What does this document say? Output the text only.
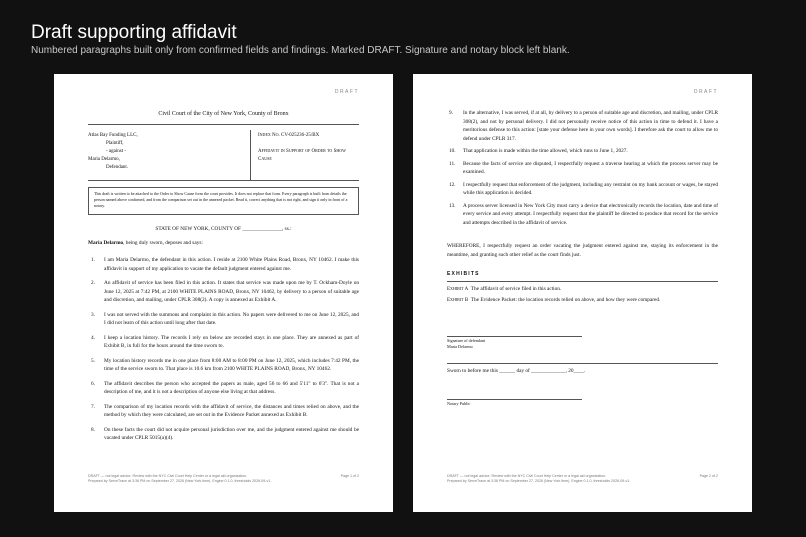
Draft supporting affidavit
Numbered paragraphs built only from confirmed fields and findings. Marked DRAFT. Signature and notary block left blank.
DRAFT
Civil Court of the City of New York, County of Bronx
Atlas Bay Funding LLC,
Plaintiff,
- against -
Maria Delarmo,
Defendant.
Index No. CV-025236-25/BX
Affidavit in Support of Order to Show Cause
This draft is written to be attached to the Order to Show Cause form the court provides. It does not replace that form. Every paragraph is built from details the person named above confirmed, and from the comparison set out in the annexed packet. Read it, correct anything that is not right, and sign it only in front of a notary.
STATE OF NEW YORK, COUNTY OF _______________, ss.:
Maria Delarmo, being duly sworn, deposes and says:
1. I am Maria Delarmo, the defendant in this action. I reside at 2100 White Plains Road, Bronx, NY 10462. I make this affidavit in support of my application to vacate the default judgment entered against me.
2. An affidavit of service has been filed in this action. It states that service was made upon me by T. Ockham-Doyle on June 12, 2025 at 7:42 PM, at 2100 WHITE PLAINS ROAD, Bronx, NY 10462, by delivery to a person of suitable age and discretion, and mailing, under CPLR 308(2). A copy is annexed as Exhibit A.
3. I was not served with the summons and complaint in this action. No papers were delivered to me on June 12, 2025, and I did not learn of this action until long after that date.
4. I keep a location history. The records I rely on below are recorded stays in one place. They are annexed as part of Exhibit B, in full for the hours around the time sworn to.
5. My location history records me in one place from 8:00 AM to 8:00 PM on June 12, 2025, which includes 7:42 PM, the time of the service sworn to. That place is 10.6 km from 2100 WHITE PLAINS ROAD, Bronx, NY 10462.
6. The affidavit describes the person who accepted the papers as male, aged 56 to 66 and 5'11" to 6'3". That is not a description of me, and it is not a description of anyone else living at that address.
7. The comparison of my location records with the affidavit of service, the distances and times relied on above, and the method by which they were calculated, are set out in the Evidence Packet annexed as Exhibit B.
8. On these facts the court did not acquire personal jurisdiction over me, and the judgment entered against me should be vacated under CPLR 5015(a)(4).
DRAFT — not legal advice. Review with the NYC Civil Court Help Center or a legal aid organization.
Prepared by ServeTrace at 3:36 PM on September 27, 2026 (New York time). Engine 0.1.0, thresholds 2026-09-v1.
Page 1 of 2
DRAFT
9. In the alternative, I was served, if at all, by delivery to a person of suitable age and discretion, and mailing, under CPLR 308(2), and not by personal delivery. I did not personally receive notice of this action in time to defend it. I have a meritorious defense to this action: [state your defense here in your own words]. I therefore ask the court to allow me to defend under CPLR 317.
10. That application is made within the time allowed, which runs to June 1, 2027.
11. Because the facts of service are disputed, I respectfully request a traverse hearing at which the process server may be examined.
12. I respectfully request that enforcement of the judgment, including any restraint on my bank account or wages, be stayed while this application is decided.
13. A process server licensed in New York City must carry a device that electronically records the location, date and time of every service and every attempt. I respectfully request that the plaintiff be directed to produce that record for the service and attempts described in the affidavit of service.
WHEREFORE, I respectfully request an order vacating the judgment entered against me, staying its enforcement in the meantime, and granting such other relief as the court finds just.
EXHIBITS
Exhibit A The affidavit of service filed in this action.
Exhibit B The Evidence Packet: the location records relied on above, and how they were compared.
Signature of defendant
Maria Delarmo
Sworn to before me this ______ day of _____________, 20____.
Notary Public
DRAFT — not legal advice. Review with the NYC Civil Court Help Center or a legal aid organization.
Prepared by ServeTrace at 3:36 PM on September 27, 2026 (New York time). Engine 0.1.0, thresholds 2026-09-v1.
Page 2 of 2
